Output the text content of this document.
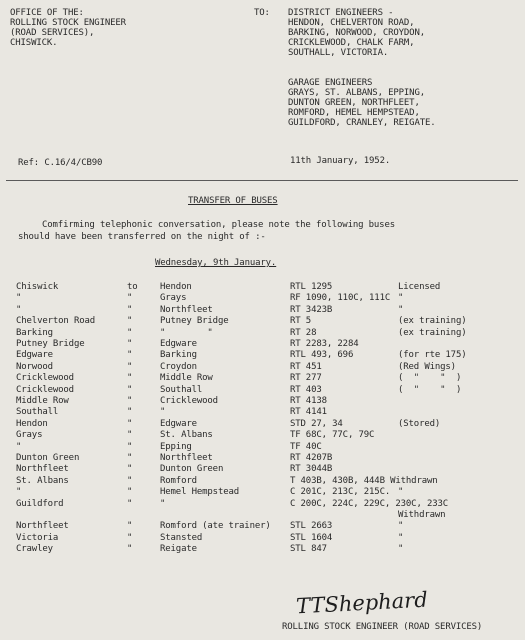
OFFICE OF THE:
ROLLING STOCK ENGINEER
(ROAD SERVICES),
CHISWICK.
TO: DISTRICT ENGINEERS -
HENDON, CHELVERTON ROAD,
BARKING, NORWOOD, CROYDON,
CRICKLEWOOD, CHALK FARM,
SOUTHALL, VICTORIA.
GARAGE ENGINEERS
GRAYS, ST. ALBANS, EPPING,
DUNTON GREEN, NORTHFLEET,
ROMFORD, HEMEL HEMPSTEAD,
GUILDFORD, CRANLEY, REIGATE.
Ref: C.16/4/CB90	11th January, 1952.
TRANSFER OF BUSES
Comfirming telephonic conversation, please note the following buses
should have been transferred on the night of :-
Wednesday, 9th January.
Chiswick	to Hendon	RTL 1295	Licensed
"	"	Grays	RF 1090, 110C, 111C "
"	"	Northfleet	RT 3423B	"
Chelverton Road	"	Putney Bridge	RT 5	(ex training)
Barking	"	"        "	RT 28	(ex training)
Putney Bridge	"	Edgware	RT 2283, 2284
Edgware	"	Barking	RTL 493, 696	(for rte 175)
Norwood	"	Croydon	RT 451	(Red Wings)
Cricklewood	"	Middle Row	RT 277	(  "    "  )
Cricklewood	"	Southall	RT 403	(  "    "  )
Middle Row	"	Cricklewood	RT 4138
Southall	"	"	RT 4141
Hendon	"	Edgware	STD 27, 34	(Stored)
Grays	"	St. Albans	TF 68C, 77C, 79C
"	"	Epping	TF 40C
Dunton Green	"	Northfleet	RT 4207B
Northfleet	"	Dunton Green	RT 3044B
St. Albans	"	Romford	T 403B, 430B, 444B Withdrawn
"	"	Hemel Hempstead	C 201C, 213C, 215C. "
Guildford	"	"	C 200C, 224C, 229C, 230C, 233C
Withdrawn
Northfleet	"	Romford (ate trainer) STL 2663	"
Victoria	"	Stansted	STL 1604	"
Crawley	"	Reigate	STL 847	"
TTShephard
ROLLING STOCK ENGINEER (ROAD SERVICES)
